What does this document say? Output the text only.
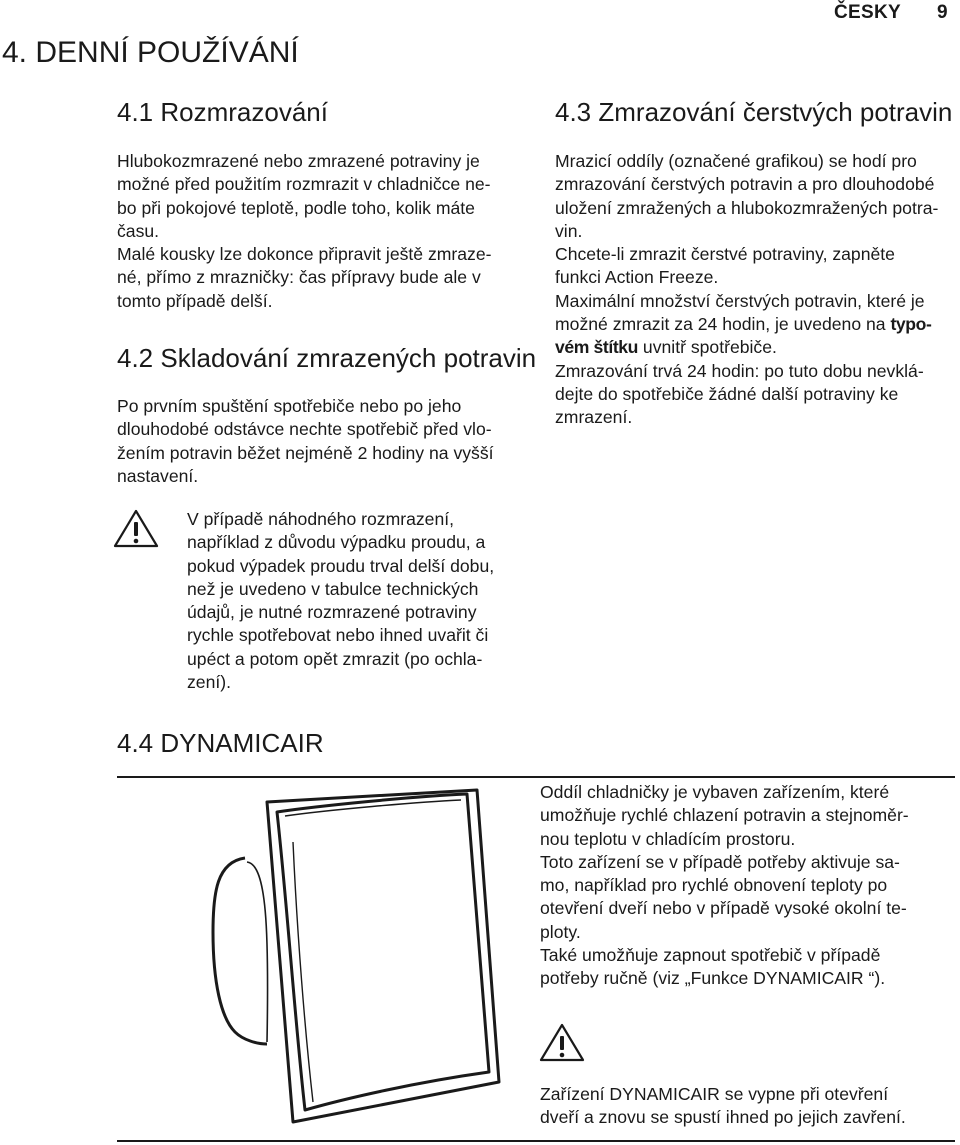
ČESKY 9
4. DENNÍ POUŽÍVÁNÍ
4.1 Rozmrazování

Hlubokozmrazené nebo zmrazené potraviny je

možné před použitím rozmrazit v chladničce ne-

bo při pokojové teplotě, podle toho, kolik máte

času.

Malé kousky lze dokonce připravit ještě zmraze-

né, přímo z mrazničky: čas přípravy bude ale v

tomto případě delší.

4.2 Skladování zmrazených potravin

Po prvním spuštění spotřebiče nebo po jeho

dlouhodobé odstávce nechte spotřebič před vlo-

žením potravin běžet nejméně 2 hodiny na vyšší

nastavení.

V případě náhodného rozmrazení,

například z důvodu výpadku proudu, a

pokud výpadek proudu trval delší dobu,

než je uvedeno v tabulce technických

údajů, je nutné rozmrazené potraviny

rychle spotřebovat nebo ihned uvařit či

upéct a potom opět zmrazit (po ochla-

zení).

4.3 Zmrazování čerstvých potravin

Mrazicí oddíly (označené grafikou) se hodí pro

zmrazování čerstvých potravin a pro dlouhodobé

uložení zmražených a hlubokozmražených potra-

vin.

Chcete-li zmrazit čerstvé potraviny, zapněte

funkci Action Freeze.

Maximální množství čerstvých potravin, které je

možné zmrazit za 24 hodin, je uvedeno na typo-

vém štítku uvnitř spotřebiče.

Zmrazování trvá 24 hodin: po tuto dobu nevklá-

dejte do spotřebiče žádné další potraviny ke

zmrazení.

4.4 DYNAMICAIR

Oddíl chladničky je vybaven zařízením, které

umožňuje rychlé chlazení potravin a stejnoměr-

nou teplotu v chladícím prostoru.

Toto zařízení se v případě potřeby aktivuje sa-

mo, například pro rychlé obnovení teploty po

otevření dveří nebo v případě vysoké okolní te-

ploty.

Také umožňuje zapnout spotřebič v případě

potřeby ručně (viz „Funkce DYNAMICAIR “).

Zařízení DYNAMICAIR se vypne při otevření

dveří a znovu se spustí ihned po jejich zavření.
